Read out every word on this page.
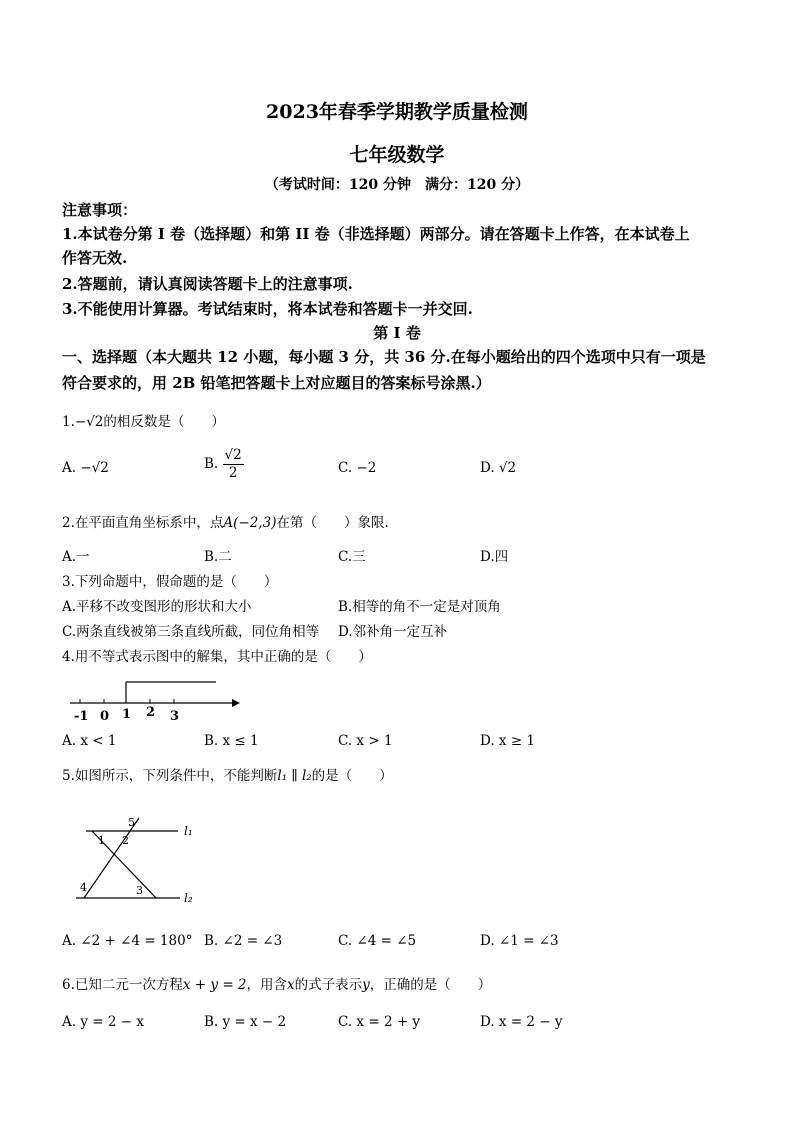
2023年春季学期教学质量检测
七年级数学
（考试时间：120 分钟　满分：120 分）
注意事项：
1.本试卷分第 I 卷（选择题）和第 II 卷（非选择题）两部分。请在答题卡上作答，在本试卷上
作答无效.
2.答题前，请认真阅读答题卡上的注意事项.
3.不能使用计算器。考试结束时，将本试卷和答题卡一并交回.
第 I 卷
一、选择题（本大题共 12 小题，每小题 3 分，共 36 分.在每小题给出的四个选项中只有一项是
符合要求的，用 2B 铅笔把答题卡上对应题目的答案标号涂黑.）
1.−√2的相反数是（　　）
A. −√2	B. $\frac{√2}{2}$	C. −2	D. √2
2.在平面直角坐标系中，点A(−2,3)在第（　　）象限.
A.一	B.二	C.三	D.四
3.下列命题中，假命题的是（　　）
A.平移不改变图形的形状和大小	B.相等的角不一定是对顶角
C.两条直线被第三条直线所截，同位角相等 D.邻补角一定互补
4.用不等式表示图中的解集，其中正确的是（　　）
-1 0 1 2 3
A. x < 1	B. x ≤ 1	C. x > 1	D. x ≥ 1
5.如图所示，下列条件中，不能判断l₁ ∥ l₂的是（　　）
1 2
3
4
5
l₁
l₂
A. ∠2 + ∠4 = 180° B. ∠2 = ∠3	C. ∠4 = ∠5	D. ∠1 = ∠3
6.已知二元一次方程x + y = 2，用含x的式子表示y，正确的是（　　）
A. y = 2 − x	B. y = x − 2	C. x = 2 + y	D. x = 2 − y
